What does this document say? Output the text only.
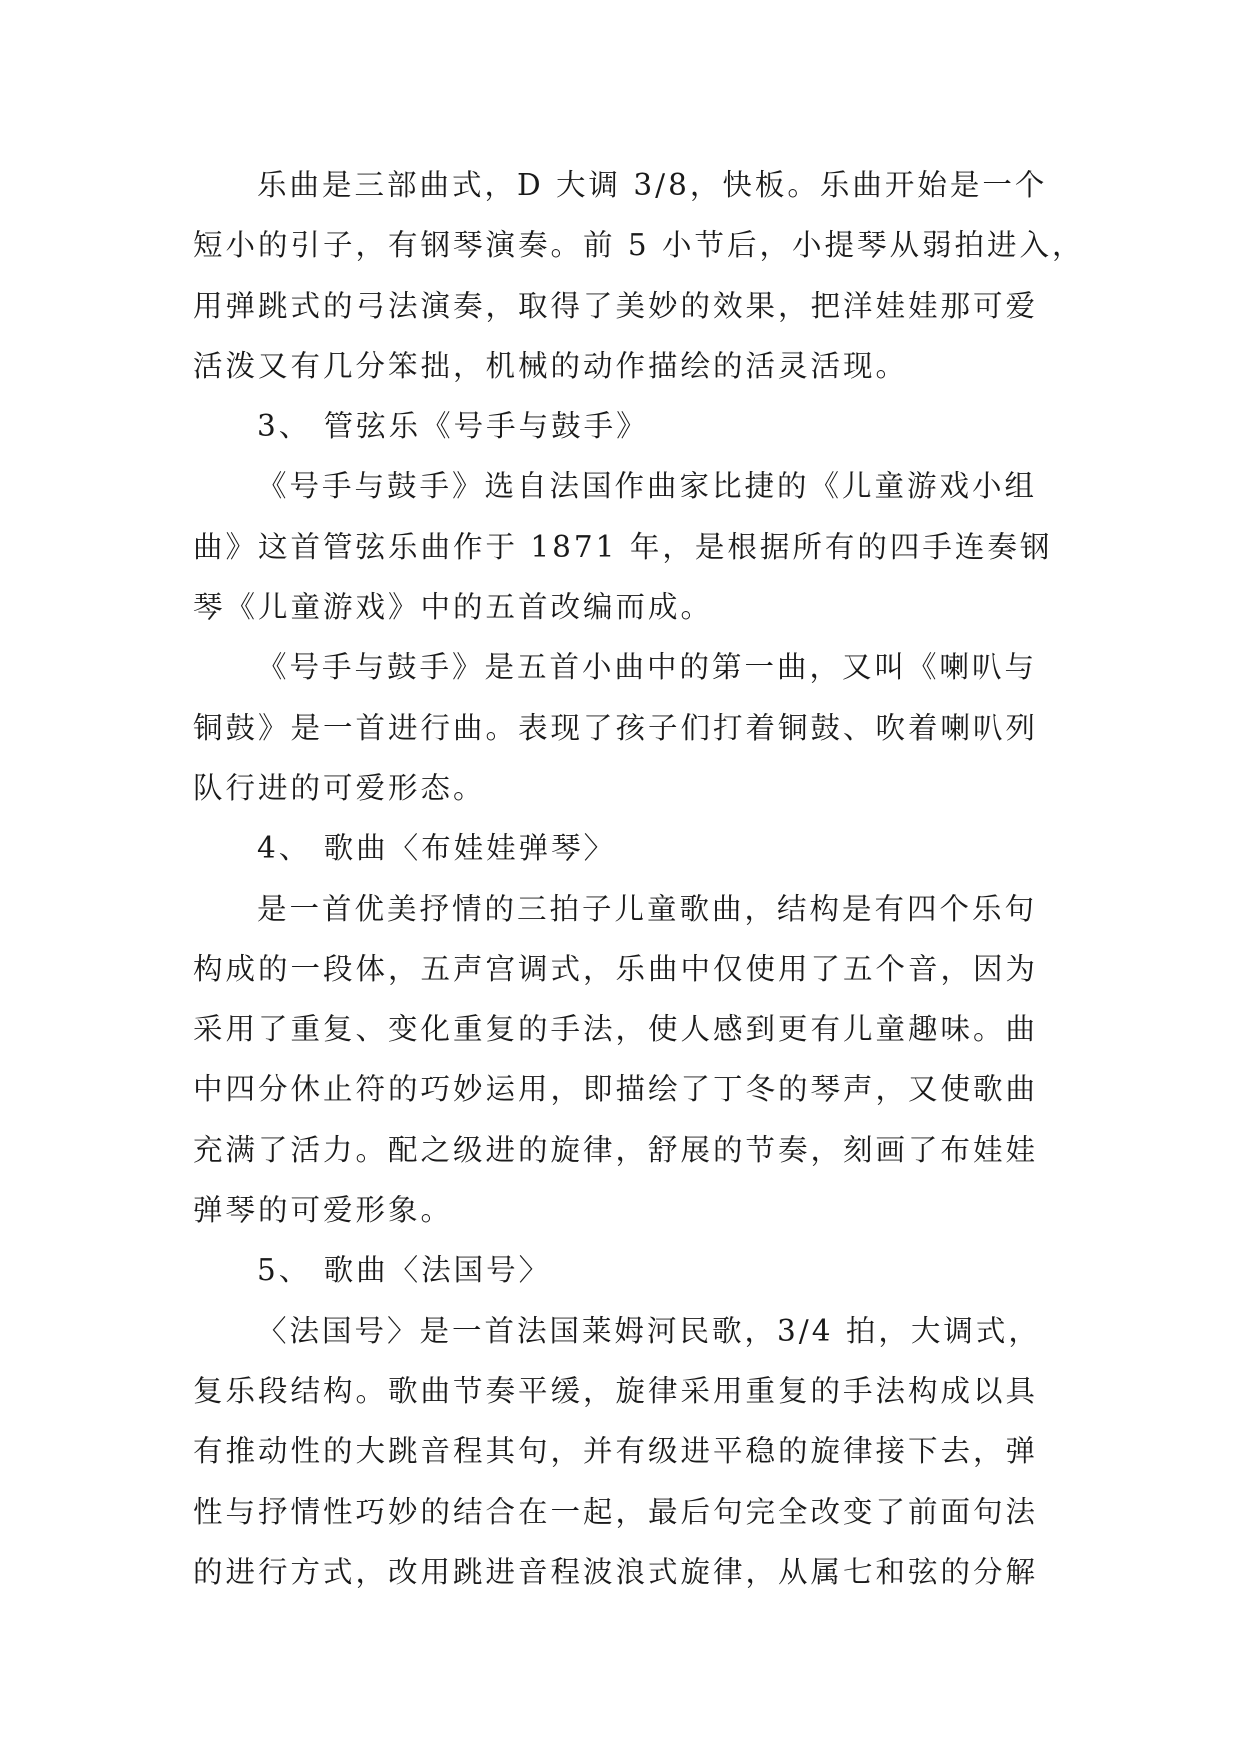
乐曲是三部曲式，D 大调 3/8，快板。乐曲开始是一个
短小的引子，有钢琴演奏。前 5 小节后，小提琴从弱拍进入，
用弹跳式的弓法演奏，取得了美妙的效果，把洋娃娃那可爱
活泼又有几分笨拙，机械的动作描绘的活灵活现。
3、 管弦乐《号手与鼓手》
《号手与鼓手》选自法国作曲家比捷的《儿童游戏小组
曲》这首管弦乐曲作于 1871 年，是根据所有的四手连奏钢
琴《儿童游戏》中的五首改编而成。
《号手与鼓手》是五首小曲中的第一曲，又叫《喇叭与
铜鼓》是一首进行曲。表现了孩子们打着铜鼓、吹着喇叭列
队行进的可爱形态。
4、 歌曲〈布娃娃弹琴〉
是一首优美抒情的三拍子儿童歌曲，结构是有四个乐句
构成的一段体，五声宫调式，乐曲中仅使用了五个音，因为
采用了重复、变化重复的手法，使人感到更有儿童趣味。曲
中四分休止符的巧妙运用，即描绘了丁冬的琴声，又使歌曲
充满了活力。配之级进的旋律，舒展的节奏，刻画了布娃娃
弹琴的可爱形象。
5、 歌曲〈法国号〉
〈法国号〉是一首法国莱姆河民歌，3/4 拍，大调式，
复乐段结构。歌曲节奏平缓，旋律采用重复的手法构成以具
有推动性的大跳音程其句，并有级进平稳的旋律接下去，弹
性与抒情性巧妙的结合在一起，最后句完全改变了前面句法
的进行方式，改用跳进音程波浪式旋律，从属七和弦的分解
